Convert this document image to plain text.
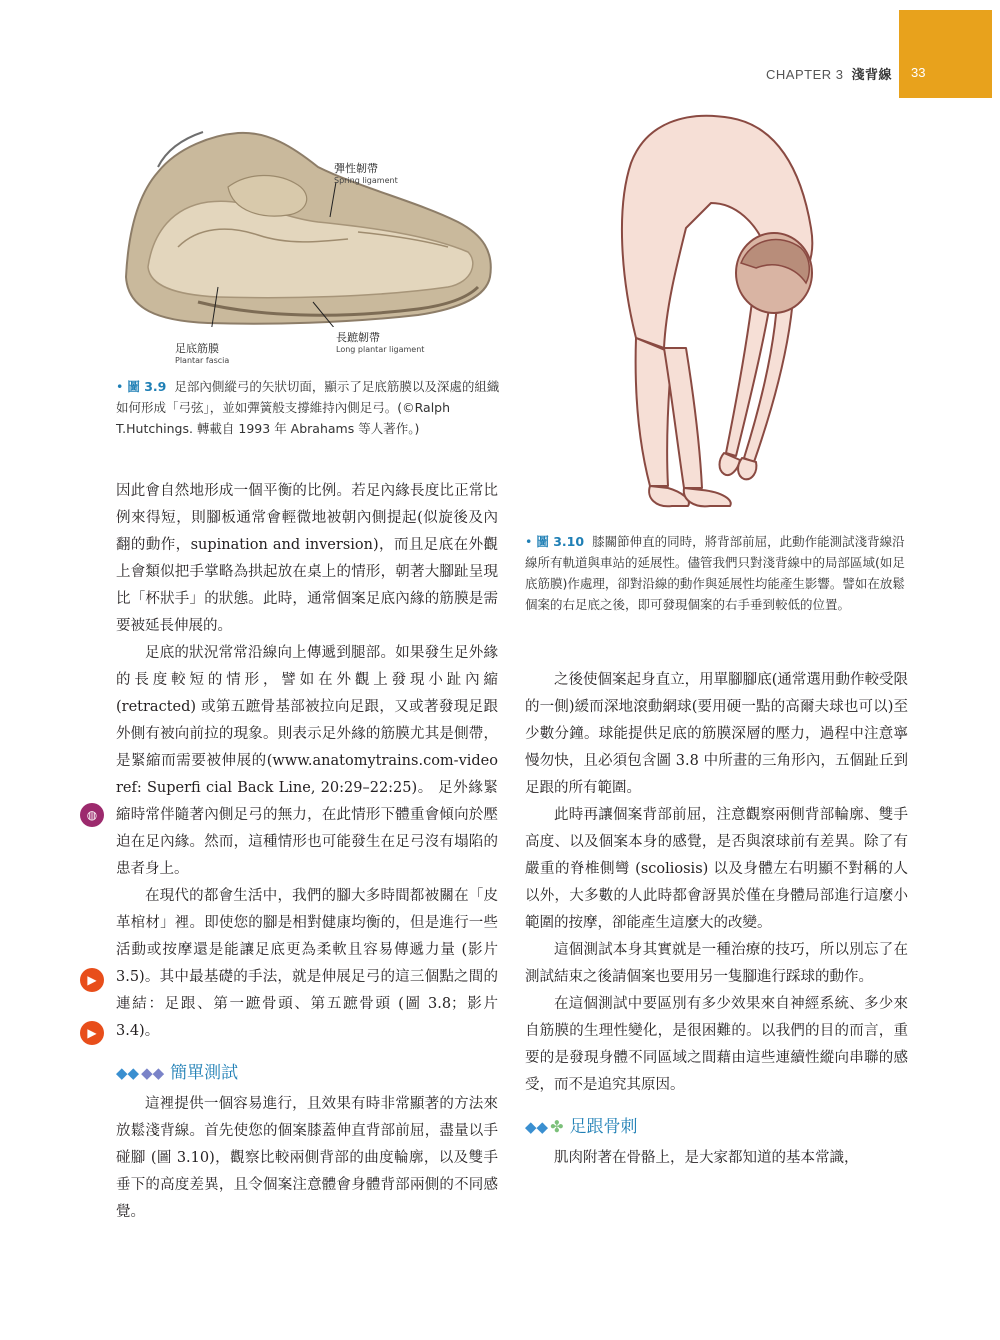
33
CHAPTER 3 淺背線
彈性韌帶
Spring ligament
足底筋膜
Plantar fascia
長蹠韌帶
Long plantar ligament
• 圖 3.9 足部內側縱弓的矢狀切面，顯示了足底筋膜以及深處的組織如何形成「弓弦」，並如彈簧般支撐維持內側足弓。(©Ralph T.Hutchings. 轉載自 1993 年 Abrahams 等人著作。)
• 圖 3.10 膝關節伸直的同時，將背部前屈，此動作能測試淺背線沿線所有軌道與車站的延展性。儘管我們只對淺背線中的局部區域(如足底筋膜)作處理，卻對沿線的動作與延展性均能產生影響。譬如在放鬆個案的右足底之後，即可發現個案的右手垂到較低的位置。
◍
▶
▶

因此會自然地形成一個平衡的比例。若足內緣長度比正常比例來得短，則腳板通常會輕微地被朝內側提起(似旋後及內翻的動作，supination and inversion)，而且足底在外觀上會類似把手掌略為拱起放在桌上的情形，朝著大腳趾呈現比「杯狀手」的狀態。此時，通常個案足底內緣的筋膜是需要被延長伸展的。

足底的狀況常常沿線向上傳遞到腿部。如果發生足外緣的長度較短的情形，譬如在外觀上發現小趾內縮 (retracted) 或第五蹠骨基部被拉向足跟，又或著發現足跟外側有被向前拉的現象。則表示足外緣的筋膜尤其是側帶，是緊縮而需要被伸展的(www.anatomytrains.com-video ref: Superfi cial Back Line, 20:29–22:25)。 足外緣緊縮時常伴隨著內側足弓的無力，在此情形下體重會傾向於壓迫在足內緣。然而，這種情形也可能發生在足弓沒有塌陷的患者身上。

在現代的都會生活中，我們的腳大多時間都被關在「皮革棺材」裡。即使您的腳是相對健康均衡的，但是進行一些活動或按摩還是能讓足底更為柔軟且容易傳遞力量 (影片 3.5)。其中最基礎的手法，就是伸展足弓的這三個點之間的連結：足跟、第一蹠骨頭、第五蹠骨頭 (圖 3.8；影片 3.4)。

◆◆ ◆◆ 簡單測試

這裡提供一個容易進行，且效果有時非常顯著的方法來放鬆淺背線。首先使您的個案膝蓋伸直背部前屈，盡量以手碰腳 (圖 3.10)，觀察比較兩側背部的曲度輪廓，以及雙手垂下的高度差異，且令個案注意體會身體背部兩側的不同感覺。

之後使個案起身直立，用單腳腳底(通常選用動作較受限的一側)緩而深地滾動網球(要用硬一點的高爾夫球也可以)至少數分鐘。球能提供足底的筋膜深層的壓力，過程中注意寧慢勿快，且必須包含圖 3.8 中所畫的三角形內，五個趾丘到足跟的所有範圍。

此時再讓個案背部前屈，注意觀察兩側背部輪廓、雙手高度、以及個案本身的感覺，是否與滾球前有差異。除了有嚴重的脊椎側彎 (scoliosis) 以及身體左右明顯不對稱的人以外，大多數的人此時都會訝異於僅在身體局部進行這麼小範圍的按摩，卻能產生這麼大的改變。

這個測試本身其實就是一種治療的技巧，所以別忘了在測試結束之後請個案也要用另一隻腳進行踩球的動作。

在這個測試中要區別有多少效果來自神經系統、多少來自筋膜的生理性變化，是很困難的。以我們的目的而言，重要的是發現身體不同區域之間藉由這些連續性縱向串聯的感受，而不是追究其原因。

◆◆ ✤ 足跟骨刺

肌肉附著在骨骼上，是大家都知道的基本常識，
